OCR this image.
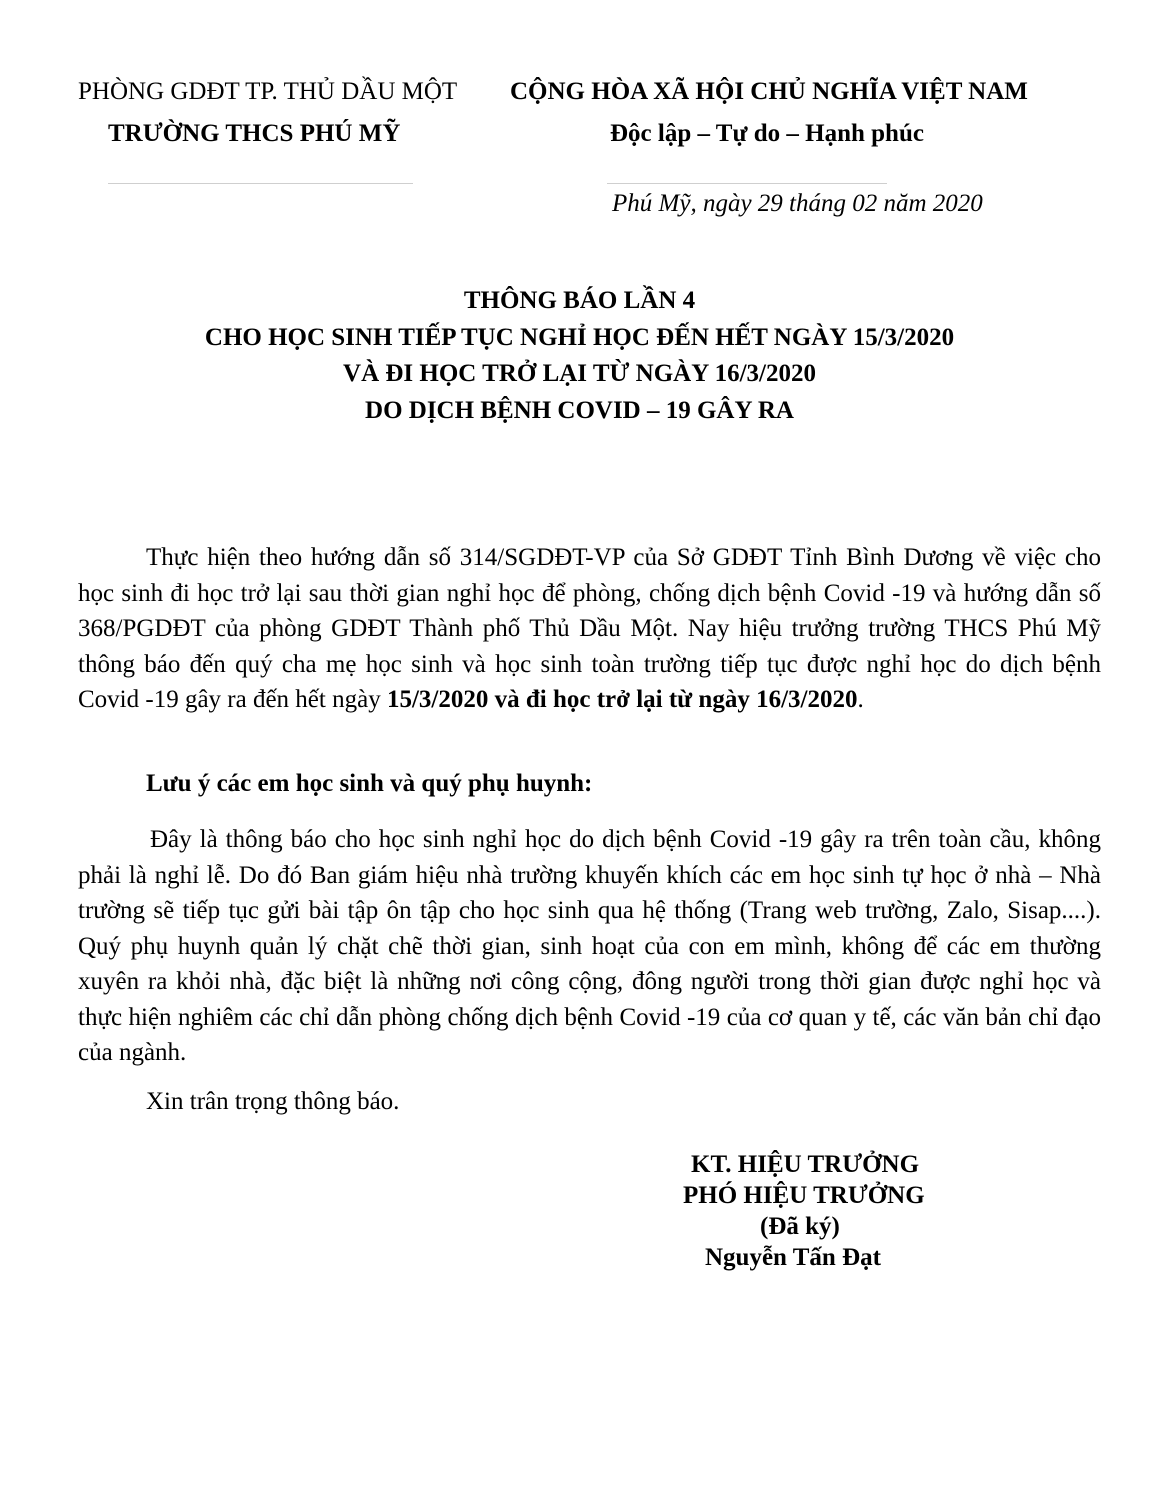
PHÒNG GDĐT TP. THỦ DẦU MỘT
TRƯỜNG THCS PHÚ MỸ
CỘNG HÒA XÃ HỘI CHỦ NGHĨA VIỆT NAM
Độc lập – Tự do – Hạnh phúc
Phú Mỹ, ngày 29 tháng 02 năm 2020
THÔNG BÁO LẦN 4
CHO HỌC SINH TIẾP TỤC NGHỈ HỌC ĐẾN HẾT NGÀY 15/3/2020
VÀ ĐI HỌC TRỞ LẠI TỪ NGÀY 16/3/2020
DO DỊCH BỆNH COVID – 19 GÂY RA
Thực hiện theo hướng dẫn số 314/SGDĐT-VP của Sở GDĐT Tỉnh Bình Dương về việc cho học sinh đi học trở lại sau thời gian nghỉ học để phòng, chống dịch bệnh Covid -19 và hướng dẫn số 368/PGDĐT của phòng GDĐT Thành phố Thủ Dầu Một. Nay hiệu trưởng trường THCS Phú Mỹ thông báo đến quý cha mẹ học sinh và học sinh toàn trường tiếp tục được nghỉ học do dịch bệnh Covid -19 gây ra đến hết ngày 15/3/2020 và đi học trở lại từ ngày 16/3/2020.
Lưu ý các em học sinh và quý phụ huynh:
Đây là thông báo cho học sinh nghỉ học do dịch bệnh Covid -19 gây ra trên toàn cầu, không phải là nghỉ lễ. Do đó Ban giám hiệu nhà trường khuyến khích các em học sinh tự học ở nhà – Nhà trường sẽ tiếp tục gửi bài tập ôn tập cho học sinh qua hệ thống (Trang web trường, Zalo, Sisap....). Quý phụ huynh quản lý chặt chẽ thời gian, sinh hoạt của con em mình, không để các em thường xuyên ra khỏi nhà, đặc biệt là những nơi công cộng, đông người trong thời gian được nghỉ học và thực hiện nghiêm các chỉ dẫn phòng chống dịch bệnh Covid -19 của cơ quan y tế, các văn bản chỉ đạo của ngành.
Xin trân trọng thông báo.
KT. HIỆU TRƯỞNG
PHÓ HIỆU TRƯỞNG
(Đã ký)
Nguyễn Tấn Đạt
